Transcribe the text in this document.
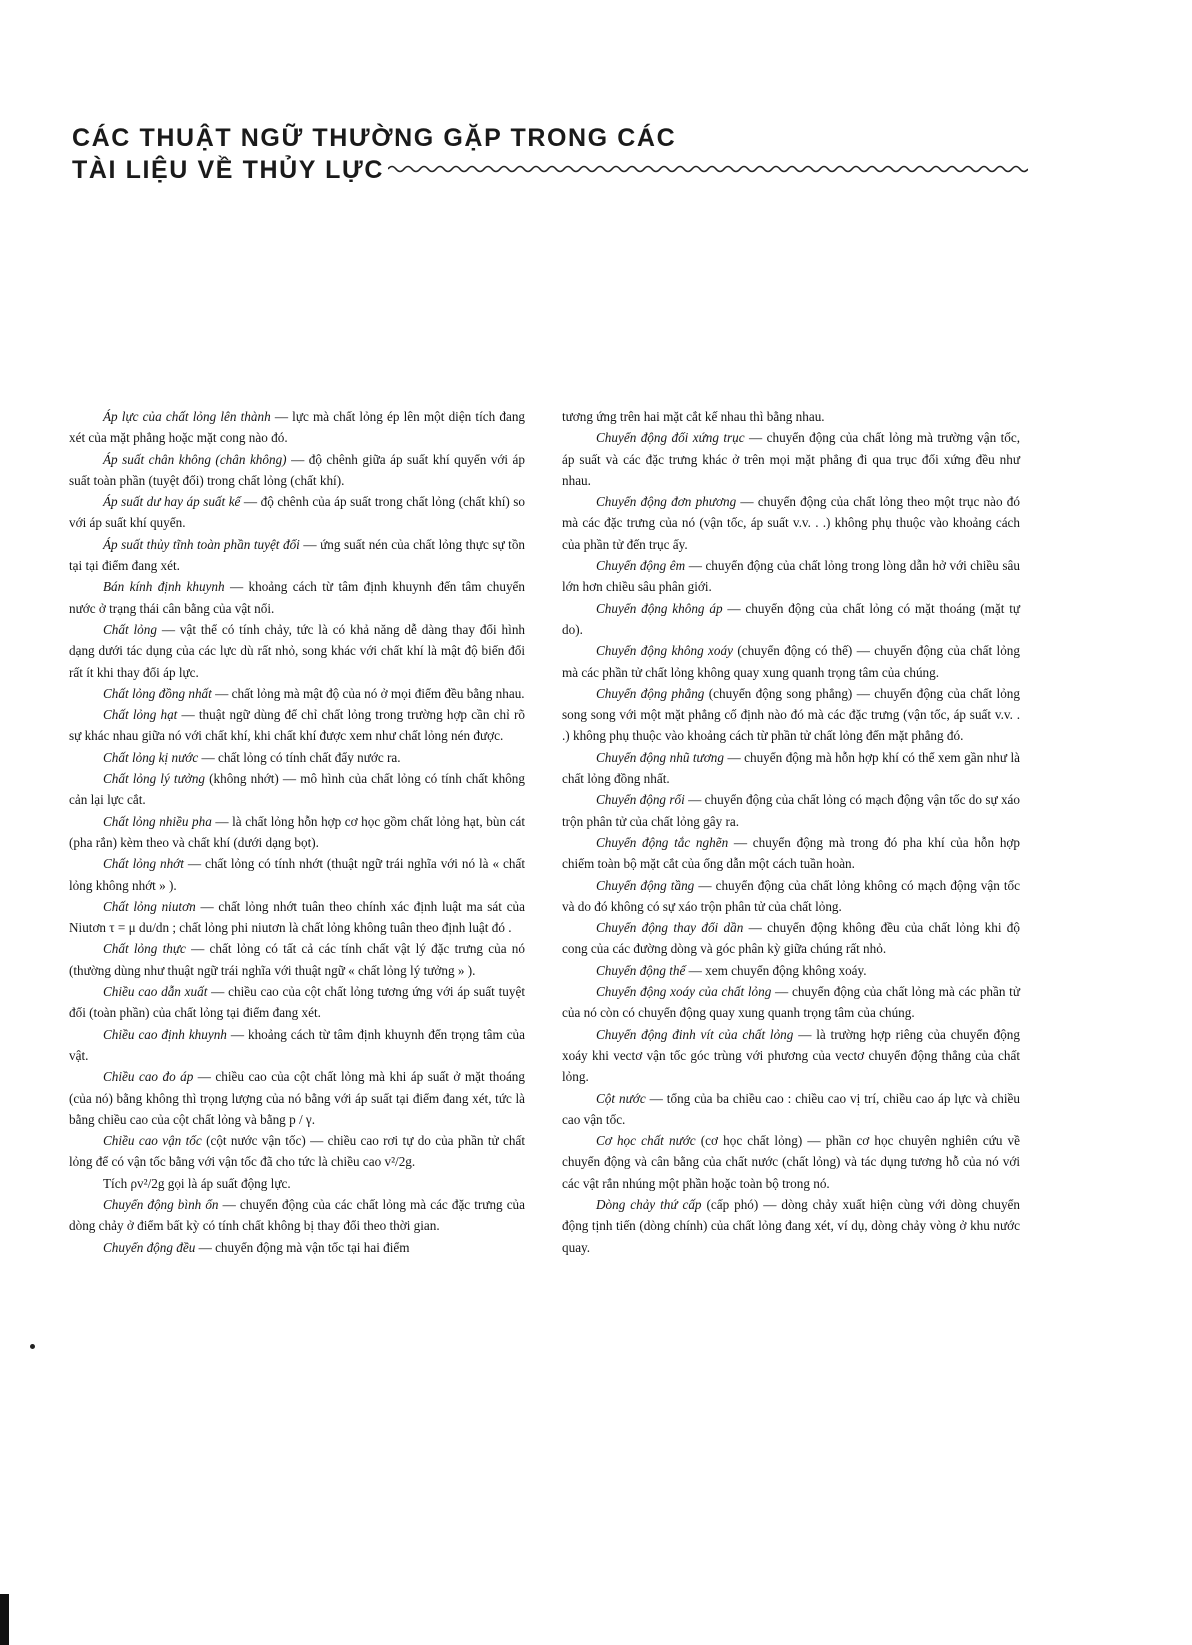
CÁC THUẬT NGỮ THƯỜNG GẶP TRONG CÁC
TÀI LIỆU VỀ THỦY LỰC

Áp lực của chất lỏng lên thành — lực mà chất lỏng ép lên một diện tích đang xét của mặt phẳng hoặc mặt cong nào đó.

Áp suất chân không (chân không) — độ chênh giữa áp suất khí quyển với áp suất toàn phần (tuyệt đối) trong chất lỏng (chất khí).

Áp suất dư hay áp suất kế — độ chênh của áp suất trong chất lỏng (chất khí) so với áp suất khí quyển.

Áp suất thủy tĩnh toàn phần tuyệt đối — ứng suất nén của chất lỏng thực sự tồn tại tại điểm đang xét.

Bán kính định khuynh — khoảng cách từ tâm định khuynh đến tâm chuyển nước ở trạng thái cân bằng của vật nổi.

Chất lỏng — vật thể có tính chảy, tức là có khả năng dễ dàng thay đổi hình dạng dưới tác dụng của các lực dù rất nhỏ, song khác với chất khí là mật độ biến đổi rất ít khi thay đổi áp lực.

Chất lỏng đồng nhất — chất lỏng mà mật độ của nó ở mọi điểm đều bằng nhau.

Chất lỏng hạt — thuật ngữ dùng để chỉ chất lỏng trong trường hợp cần chỉ rõ sự khác nhau giữa nó với chất khí, khi chất khí được xem như chất lỏng nén được.

Chất lỏng kị nước — chất lỏng có tính chất đẩy nước ra.

Chất lỏng lý tưởng (không nhớt) — mô hình của chất lỏng có tính chất không cản lại lực cắt.

Chất lỏng nhiều pha — là chất lỏng hỗn hợp cơ học gồm chất lỏng hạt, bùn cát (pha rắn) kèm theo và chất khí (dưới dạng bọt).

Chất lỏng nhớt — chất lỏng có tính nhớt (thuật ngữ trái nghĩa với nó là « chất lỏng không nhớt » ).

Chất lỏng niutơn — chất lỏng nhớt tuân theo chính xác định luật ma sát của Niutơn τ = μ du/dn ; chất lỏng phi niutơn là chất lỏng không tuân theo định luật đó .

Chất lỏng thực — chất lỏng có tất cả các tính chất vật lý đặc trưng của nó (thường dùng như thuật ngữ trái nghĩa với thuật ngữ « chất lỏng lý tưởng » ).

Chiều cao dẫn xuất — chiều cao của cột chất lỏng tương ứng với áp suất tuyệt đối (toàn phần) của chất lỏng tại điểm đang xét.

Chiều cao định khuynh — khoảng cách từ tâm định khuynh đến trọng tâm của vật.

Chiều cao đo áp — chiều cao của cột chất lỏng mà khi áp suất ở mặt thoáng (của nó) bằng không thì trọng lượng của nó bằng với áp suất tại điểm đang xét, tức là bằng chiều cao của cột chất lỏng và bằng p / γ.

Chiều cao vận tốc (cột nước vận tốc) — chiều cao rơi tự do của phần tử chất lỏng để có vận tốc bằng với vận tốc đã cho tức là chiều cao v²/2g.

Tích ρv²/2g gọi là áp suất động lực.

Chuyển động bình ổn — chuyển động của các chất lỏng mà các đặc trưng của dòng chảy ở điểm bất kỳ có tính chất không bị thay đổi theo thời gian.

Chuyển động đều — chuyển động mà vận tốc tại hai điểm

tương ứng trên hai mặt cắt kế nhau thì bằng nhau.

Chuyển động đối xứng trục — chuyển động của chất lỏng mà trường vận tốc, áp suất và các đặc trưng khác ở trên mọi mặt phẳng đi qua trục đối xứng đều như nhau.

Chuyển động đơn phương — chuyển động của chất lỏng theo một trục nào đó mà các đặc trưng của nó (vận tốc, áp suất v.v. . .) không phụ thuộc vào khoảng cách của phần tử đến trục ấy.

Chuyển động êm — chuyển động của chất lỏng trong lòng dẫn hở với chiều sâu lớn hơn chiều sâu phân giới.

Chuyển động không áp — chuyển động của chất lỏng có mặt thoáng (mặt tự do).

Chuyển động không xoáy (chuyển động có thế) — chuyển động của chất lỏng mà các phần tử chất lỏng không quay xung quanh trọng tâm của chúng.

Chuyển động phẳng (chuyển động song phẳng) — chuyển động của chất lỏng song song với một mặt phẳng cố định nào đó mà các đặc trưng (vận tốc, áp suất v.v. . .) không phụ thuộc vào khoảng cách từ phần tử chất lỏng đến mặt phẳng đó.

Chuyển động nhũ tương — chuyển động mà hỗn hợp khí có thể xem gần như là chất lỏng đồng nhất.

Chuyển động rối — chuyển động của chất lỏng có mạch động vận tốc do sự xáo trộn phân tử của chất lỏng gây ra.

Chuyển động tắc nghẽn — chuyển động mà trong đó pha khí của hỗn hợp chiếm toàn bộ mặt cắt của ống dẫn một cách tuần hoàn.

Chuyển động tầng — chuyển động của chất lỏng không có mạch động vận tốc và do đó không có sự xáo trộn phân tử của chất lỏng.

Chuyển động thay đổi dần — chuyển động không đều của chất lỏng khi độ cong của các đường dòng và góc phân kỳ giữa chúng rất nhỏ.

Chuyển động thế — xem chuyển động không xoáy.

Chuyển động xoáy của chất lỏng — chuyển động của chất lỏng mà các phần tử của nó còn có chuyển động quay xung quanh trọng tâm của chúng.

Chuyển động đinh vít của chất lỏng — là trường hợp riêng của chuyển động xoáy khi vectơ vận tốc góc trùng với phương của vectơ chuyển động thẳng của chất lỏng.

Cột nước — tổng của ba chiều cao : chiều cao vị trí, chiều cao áp lực và chiều cao vận tốc.

Cơ học chất nước (cơ học chất lỏng) — phần cơ học chuyên nghiên cứu về chuyển động và cân bằng của chất nước (chất lỏng) và tác dụng tương hỗ của nó với các vật rắn nhúng một phần hoặc toàn bộ trong nó.

Dòng chảy thứ cấp (cấp phó) — dòng chảy xuất hiện cùng với dòng chuyển động tịnh tiến (dòng chính) của chất lỏng đang xét, ví dụ, dòng chảy vòng ở khu nước quay.
